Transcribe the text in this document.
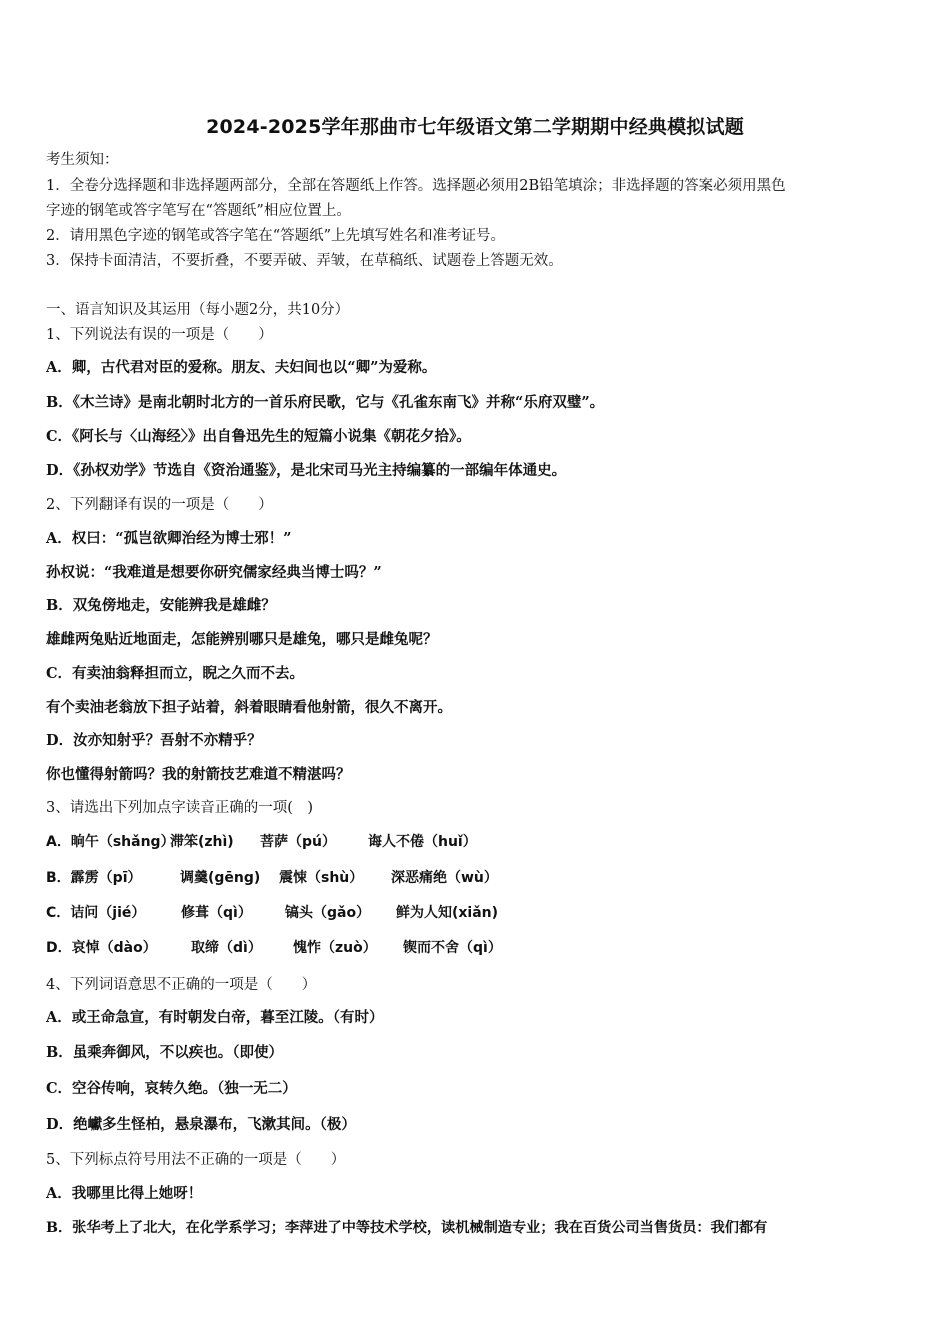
2024-2025学年那曲市七年级语文第二学期期中经典模拟试题
考生须知：
1．全卷分选择题和非选择题两部分，全部在答题纸上作答。选择题必须用2B铅笔填涂；非选择题的答案必须用黑色
字迹的钢笔或答字笔写在“答题纸”相应位置上。
2．请用黑色字迹的钢笔或答字笔在“答题纸”上先填写姓名和准考证号。
3．保持卡面清洁，不要折叠，不要弄破、弄皱，在草稿纸、试题卷上答题无效。
一、语言知识及其运用（每小题2分，共10分）
1、下列说法有误的一项是（　　）
A．卿，古代君对臣的爱称。朋友、夫妇间也以“卿”为爱称。
B．《木兰诗》是南北朝时北方的一首乐府民歌，它与《孔雀东南飞》并称“乐府双璧”。
C．《阿长与〈山海经〉》出自鲁迅先生的短篇小说集《朝花夕拾》。
D．《孙权劝学》节选自《资治通鉴》，是北宋司马光主持编纂的一部编年体通史。
2、下列翻译有误的一项是（　　）
A．权曰：“孤岂欲卿治经为博士邪！”
孙权说：“我难道是想要你研究儒家经典当博士吗？”
B．双兔傍地走，安能辨我是雄雌？
雄雌两兔贴近地面走，怎能辨别哪只是雄兔，哪只是雌兔呢？
C．有卖油翁释担而立，睨之久而不去。
有个卖油老翁放下担子站着，斜着眼睛看他射箭，很久不离开。
D．汝亦知射乎？吾射不亦精乎？
你也懂得射箭吗？我的射箭技艺难道不精湛吗？
3、请选出下列加点字读音正确的一项(　)
A．晌午（shǎng）滞笨(zhì) 菩萨（pú） 诲人不倦（huǐ）
B．霹雳（pī）	调羹(gēng) 震悚（shù） 深恶痛绝（wù）
C．诘问（jié）	修葺（qì） 镐头（gǎo） 鲜为人知(xiǎn)
D．哀悼（dào） 取缔（dì） 愧怍（zuò） 锲而不舍（qì）
4、下列词语意思不正确的一项是（　　）
A．或王命急宣，有时朝发白帝，暮至江陵。（有时）
B．虽乘奔御风，不以疾也。（即使）
C．空谷传响，哀转久绝。（独一无二）
D．绝巘多生怪柏，悬泉瀑布，飞漱其间。（极）
5、下列标点符号用法不正确的一项是（　　）
A．我哪里比得上她呀！
B．张华考上了北大，在化学系学习；李萍进了中等技术学校，读机械制造专业；我在百货公司当售货员：我们都有
